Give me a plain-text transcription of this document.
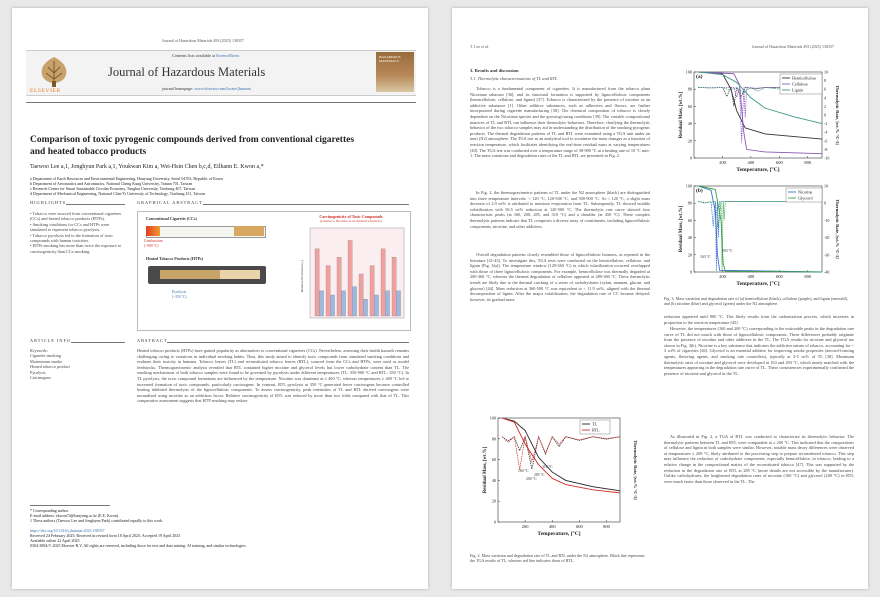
Journal of Hazardous Materials 493 (2025) 138357
ELSEVIER
Contents lists available at ScienceDirect
Journal of Hazardous Materials
journal homepage: www.elsevier.com/locate/jhazmat
HAZARDOUS MATERIALS
Comparison of toxic pyrogenic compounds derived from conventional cigarettes and heated tobacco products
Taewoo Lee a,1, Jonghyun Park a,1, Youkwan Kim a, Wei-Hsin Chen b,c,d, Eilhann E. Kwon a,*
a Department of Earth Resources and Environmental Engineering, Hanyang University, Seoul 04763, Republic of Korea
b Department of Aeronautics and Astronautics, National Cheng Kung University, Tainan 701, Taiwan
c Research Center for Smart Sustainable Circular Economy, Tunghai University, Taichung 407, Taiwan
d Department of Mechanical Engineering, National Chin-Yi University of Technology, Taichung 411, Taiwan
HIGHLIGHTS
• Tobacco were sourced from conventional cigarettes (CCs) and heated tobacco products (HTPs).
• Smoking conditions for CCs and HTPs were simulated to represent tobacco pyrolysis.
• Tobacco pyrolysis led to the formation of toxic compounds with human toxicities.
• HTPs smoking has more than twice the exposure to carcinogenicity than CCs smoking.
GRAPHICAL ABSTRACT
Conventional Cigarette (CCs)
Combustion
(~900 °C)
Heated Tobacco Products (HTPs)
Pyrolysis
(~350 °C)
Carcinogenicity of Toxic Compounds
(relative to Nicotine as an Addictive Inducer)
Relative Production (-)
ARTICLE INFO
Keywords:
Cigarette smoking
Mainstream smoke
Heated tobacco product
Pyrolysis
Carcinogens
ABSTRACT
Heated tobacco products (HTPs) have gained popularity as alternatives to conventional cigarettes (CCs). Nevertheless, assessing their health hazards remains challenging owing to variations in individual smoking habits. Thus, this study aimed to identify toxic compounds from simulated smoking conditions and evaluate their toxicity in humans. Tobacco leaves (TL) and reconstituted tobacco leaves (RTL), sourced from the CCs and HTPs, were used as model feedstocks. Thermogravimetric analysis revealed that RTL contained higher nicotine and glycerol levels but lower carbohydrate content than TL. The smoking mechanisms of both tobacco samples were found to be governed by pyrolysis under different temperatures (TL: 350-900 °C and RTL: 350 °C). In TL pyrolysis, the toxic compound formations are influenced by the temperature. Nicotine was dominant at ≤ 400 °C, whereas temperatures ≥ 400 °C led to increased formation of toxic compounds, particularly carcinogens. In contrast, RTL pyrolysis at 350 °C generated fewer carcinogens because controlled heating inhibited thermolysis of the lignocellulosic components. To assess carcinogenicity, peak intensities of TL and RTL derived carcinogens were normalized using nicotine as an addiction factor. Relative carcinogenicity of RTL was reduced by more than two folds compared with that of TL. This comparative assessment suggests that HTP smoking may reduce
* Corresponding author.
E-mail address: ekwon74@hanyang.ac.kr (E.E. Kwon).
1 These authors (Taewoo Lee and Jonghyun Park) contributed equally to this work.
https://doi.org/10.1016/j.jhazmat.2025.138357
Received 24 February 2025; Received in revised form 18 April 2025; Accepted 19 April 2025
Available online 22 April 2025
0304-3894/© 2025 Elsevier B.V. All rights are reserved, including those for text and data mining, AI training, and similar technologies.
T. Lee et al.	Journal of Hazardous Materials 493 (2025) 138357
3. Results and discussion
3.1. Thermolytic characterizations of TL and RTL
Tobacco is a fundamental component of cigarettes. It is manufactured from the tobacco plant Nicotiana tabacum [36], and its structural formation is supported by lignocellulosic components (hemicellulose, cellulose, and lignin) [37]. Tobacco is characterized by the presence of nicotine as an addictive substance [1]. Other additive substances, such as adhesives and flavors, are further incorporated during cigarette manufacturing [38]. The chemical composition of tobacco is closely dependent on the Nicotiana species and the growing/curing conditions [39]. The variable compositional matrices of TL and RTL can influence their thermolytic behaviors. Therefore, clarifying the thermolytic behavior of the two tobacco samples may aid in understanding the distribution of the smoking pyrogenic products. The thermal degradation patterns of TL and RTL were examined using a TGA unit under an inert (N2) atmosphere. The TGA test as an analytical tool to scrutinize the mass changes as a function of reaction temperature, which facilitates identifying the real-time residual mass at varying temperatures [40]. The TGA test was conducted over a temperature range of 38-900 °C at a heating rate of 10 °C min-1. The mass variations and degradation rates of the TL and RTL are presented in Fig. 2.
In Fig. 2, the thermogravimetric patterns of TL under the N2 atmosphere (black) are distinguished into three temperature intervals: < 120 °C, 120-500 °C, and 500-900 °C. At < 120 °C, a slight mass decrease of 2.9 wt% is attributed to moisture evaporation from TL. Subsequently, TL showed notable volatilization with 56.5 wt% reduction at 120-500 °C. The thermolytic rate curve showed four characteristic peaks (at 160, 200, 285, and 310 °C) and a shoulder (at 450 °C). These complex thermolytic patterns indicate that TL comprises a diverse array of constituents, including lignocellulosic components, nicotine, and other additives.
Overall degradation patterns closely resembled those of lignocellulosic biomass, as reported in the literature [41-43]. To investigate this, TGA tests were conducted on the hemicellulose, cellulose, and lignin (Fig. 3(a)). The temperature window (120-360 °C) in which volatilization occurred overlapped with those of three lignocellulosic components. For example, hemicellulose was thermally degraded at 200-360 °C, whereas the thermal degradation of cellulose appeared at 280-360 °C. These thermolytic trends are likely due to the thermal cracking of a series of carbohydrates (xylan, mannan, glucan, and glucose) [44]. Mass reduction at 360-500 °C was equivalent to < 11.9 wt%, aligned with the thermal decomposition of lignin. After the major volatilization, the degradation rate of CC became delayed; however, its gradual mass
200	400	600	800
0
20
40
60
80
100
Temperature, [°C]
Residual Mass, [wt.%]	Thermolytic Rate, [wt.% °C-1]
TL
RTL
160 °C
200 °C
285 °C
310 °C
Fig. 2. Mass variation and degradation rate of TL and RTL under the N2 atmosphere. Black line represents the TGA results of TL, whereas red line indicates those of RTL.
200	400	600	800
0
20
40
60
80
100
-10
-8
-6
-4
-2
0
2
4
6
8
10
Temperature, [°C]
Residual Mass, [wt.%]	Thermolytic Rate, [wt.% °C-1]
Hemicellulose
Cellulose
Lignin
(a)
200	400	600	800
0
20
40
60
80
100
-40
-30
-20
-10
0
10
Temperature, [°C]
Residual Mass, [wt.%]	Thermolytic Rate, [wt.% °C-1]
Nicotine
Glycerol
(b)
163 °C
203 °C
Fig. 3. Mass variation and degradation rate of (a) hemicellulose (black), cellulose (purple), and lignin (emerald), and (b) nicotine (blue) and glycerol (green) under the N2 atmosphere.
reduction appeared until 900 °C. This likely results from the carbonization process, which increases in proportion to the reaction temperature [45].
However, the temperatures (160 and 200 °C) corresponding to the noticeable peaks in the degradation rate curve of TL did not match with those of lignocellulosic components. These differences probably originate from the presence of nicotine and other additives in the TL. The TGA results for nicotine and glycerol are shown in Fig. 3(b). Nicotine is a key substance that indicates the addictive nature of tobacco, accounting for < 3 wt% of cigarettes [46]. Glycerol is an essential additive for improving smoke properties (aerosol-forming agents, flavoring agents, and smoking rate controllers), typically at 3-5 wt% of TL [38]. Maximum thermolytic rates of nicotine and glycerol were developed at 163 and 203 °C, which nearly matched with the temperatures appearing in the degradation rate curve of TL. These consistencies experimentally confirmed the presence of nicotine and glycerol in the TL.
As illustrated in Fig. 2, a TGA of RTL was conducted to characterize its thermolytic behavior. The thermolytic patterns between TL and RTL were comparable at ≤ 200 °C. This indicated that the compositions of cellulose and lignin in both samples were similar. However, notable mass decay differences were observed at temperatures ≤ 200 °C, likely attributed to the processing step to prepare reconstituted tobacco. This step may influence the reduction of carbohydrate components, especially hemicellulose, in tobacco, leading to a relative change in the compositional matrix of the reconstituted tobacco [47]. This was supported by the reduction in the degradation rate of RTL at 285 °C (more details are not accessible by the manufacturer). Unlike carbohydrates, the heightened degradation rates of nicotine (160 °C) and glycerol (200 °C) in RTL were much faster than those observed in the TL. The
